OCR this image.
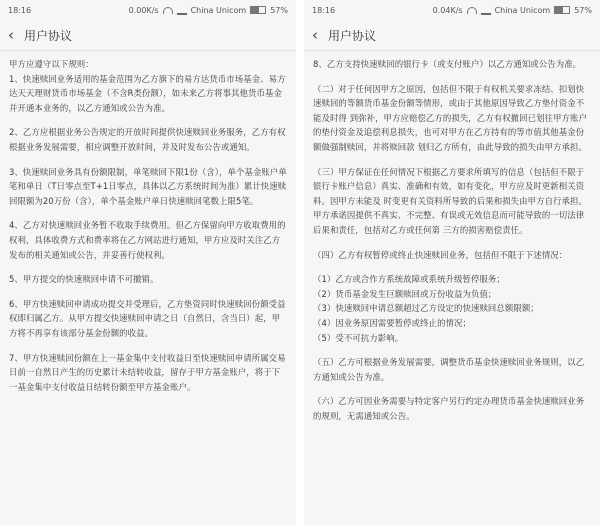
18:16	0.00K/s	China Unicom	57%
‹ 用户协议

甲方应遵守以下规则：

1、快速赎回业务适用的基金范围为乙方旗下的易方达货币市场基金、易方达天天理财货币市场基金（不含R类份额），如未来乙方将事其他货币基金并开通本业务的，以乙方通知或公告为准。

2、乙方应根据业务公告规定的开放时间提供快速赎回业务服务，乙方有权根据业务发展需要，相应调整开放时间，并及时发布公告或通知。

3、快速赎回业务具有份额限制，单笔赎回下限1份（含），单个基金账户单笔和单日（T日零点至T+1日零点，具体以乙方系统时间为准）累计快速赎回限额为20万份（含），单个基金账户单日快速赎回笔数上限5笔。

4、乙方对快速赎回业务暂不收取手续费用。但乙方保留向甲方收取费用的权利，具体收费方式和费率将在乙方网站进行通知，甲方应及时关注乙方发布的相关通知或公告，并妥善行使权利。

5、甲方提交的快速赎回申请不可撤销。

6、甲方快速赎回申请成功提交并受理后，乙方垫资同时快速赎回份额受益权即归属乙方。从甲方提交快速赎回申请之日（自然日，含当日）起，甲方将不再享有该部分基金份额的收益。

7、甲方快速赎回份额在上一基金集中支付收益日至快速赎回申请所属交易日前一自然日产生的历史累计未结转收益，留存于甲方基金账户，将于下一基金集中支付收益日结转份额至甲方基金账户。

18:16	0.04K/s	China Unicom	57%
‹ 用户协议

8、乙方支持快速赎回的银行卡（或支付账户）以乙方通知或公告为准。

（二）对于任何因甲方之原因，包括但不限于有权机关要求冻结、扣划快速赎回的等额货币基金份额等情形，或由于其他原因导致乙方垫付资金不能及时得 到弥补，甲方应赔偿乙方的损失，乙方有权撤回已划往甲方账户的垫付资金及追偿利息损失，也可对甲方在乙方持有的等市值其他基金份额做强制赎回，并将赎回款 划归乙方所有，由此导致的损失由甲方承担。

（三）甲方保证在任何情况下根据乙方要求所填写的信息（包括但不限于银行卡账户信息）真实、准确和有效，如有变化，甲方应及时更新相关资料。因甲方未能及 时变更有关资料所导致的后果和损失由甲方自行承担。甲方承诺因提供不真实、不完整、有误或无效信息而可能导致的一切法律后果和责任，包括对乙方或任何第 三方的损害赔偿责任。

（四）乙方有权暂停或终止快速赎回业务，包括但不限于下述情况：

（1）乙方或合作方系统故障或系统升级暂停服务；

（2）货币基金发生巨额赎回或万份收益为负值；

（3）快速赎回申请总额超过乙方设定的快速赎回总额限额；

（4）因业务原因需要暂停或终止的情况；

（5）受不可抗力影响。

（五）乙方可根据业务发展需要，调整货币基金快速赎回业务规则，以乙方通知或公告为准。

（六）乙方可因业务需要与特定客户另行约定办理货币基金快速赎回业务的规则，无需通知或公告。
